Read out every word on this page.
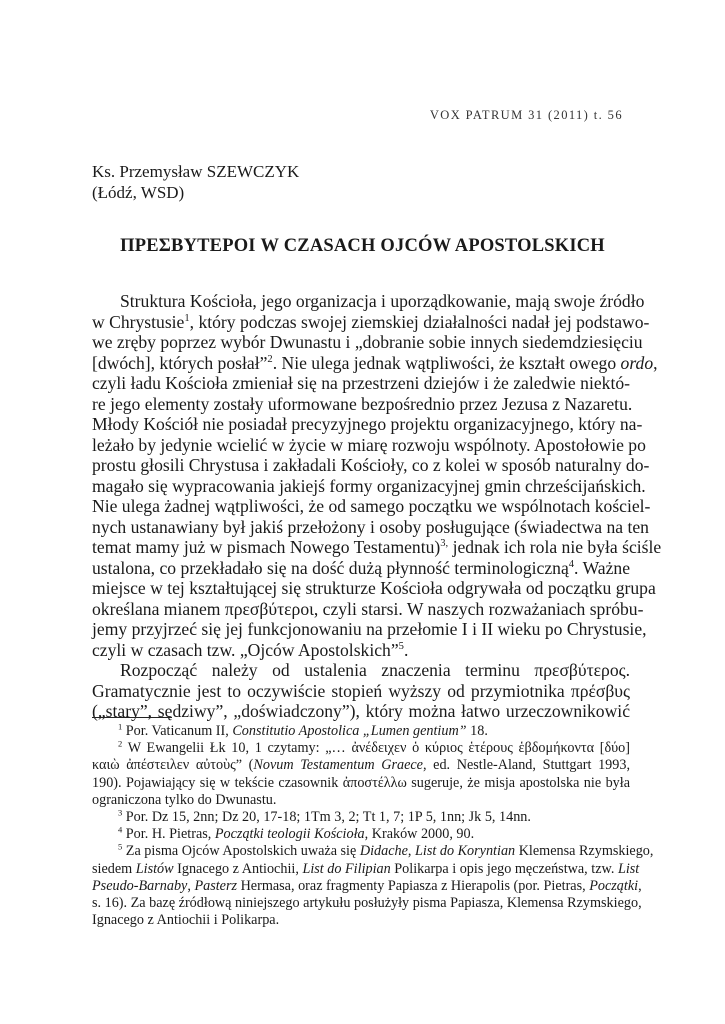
VOX PATRUM 31 (2011) t. 56
Ks. Przemysław SZEWCZYK
(Łódź, WSD)
ΠΡΕΣΒΥΤΕΡΟΙ W CZASACH OJCÓW APOSTOLSKICH
Struktura Kościoła, jego organizacja i uporządkowanie, mają swoje źródło
w Chrystusie$^1$, który podczas swojej ziemskiej działalności nadał jej podstawo-
we zręby poprzez wybór Dwunastu i „dobranie sobie innych siedemdziesięciu
[dwóch], których posłał”$^2$. Nie ulega jednak wątpliwości, że kształt owego ordo,
czyli ładu Kościoła zmieniał się na przestrzeni dziejów i że zaledwie niektó-
re jego elementy zostały uformowane bezpośrednio przez Jezusa z Nazaretu.
Młody Kościół nie posiadał precyzyjnego projektu organizacyjnego, który na-
leżało by jedynie wcielić w życie w miarę rozwoju wspólnoty. Apostołowie po
prostu głosili Chrystusa i zakładali Kościoły, co z kolei w sposób naturalny do-
magało się wypracowania jakiejś formy organizacyjnej gmin chrześcijańskich.
Nie ulega żadnej wątpliwości, że od samego początku we wspólnotach kościel-
nych ustanawiany był jakiś przełożony i osoby posługujące (świadectwa na ten
temat mamy już w pismach Nowego Testamentu)$^{3,}$ jednak ich rola nie była ściśle
ustalona, co przekładało się na dość dużą płynność terminologiczną$^4$. Ważne
miejsce w tej kształtującej się strukturze Kościoła odgrywała od początku grupa
określana mianem πρεσβύτεροι, czyli starsi. W naszych rozważaniach spróbu-
jemy przyjrzeć się jej funkcjonowaniu na przełomie I i II wieku po Chrystusie,
czyli w czasach tzw. „Ojców Apostolskich”$^5$.
Rozpocząć należy od ustalenia znaczenia terminu πρεσβύτερος.
Gramatycznie jest to oczywiście stopień wyższy od przymiotnika πρέσβυς
(„stary”, sędziwy”, „doświadczony”), który można łatwo urzeczownikowić
$^1$ Por. Vaticanum II, Constitutio Apostolica „Lumen gentium” 18.
$^2$ W Ewangelii Łk 10, 1 czytamy: „… ἀνέδειχεν ὁ κύριος ἑτέρους ἑβδομήκοντα [δύο]
καιὼ ἀπέστειλεν αὐτοὺς” (Novum Testamentum Graece, ed. Nestle-Aland, Stuttgart 1993,
190). Pojawiający się w tekście czasownik ἀποστέλλω sugeruje, że misja apostolska nie była
ograniczona tylko do Dwunastu.
$^3$ Por. Dz 15, 2nn; Dz 20, 17-18; 1Tm 3, 2; Tt 1, 7; 1P 5, 1nn; Jk 5, 14nn.
$^4$ Por. H. Pietras, Początki teologii Kościoła, Kraków 2000, 90.
$^5$ Za pisma Ojców Apostolskich uważa się Didache, List do Koryntian Klemensa Rzymskiego,
siedem Listów Ignacego z Antiochii, List do Filipian Polikarpa i opis jego męczeństwa, tzw. List
Pseudo-Barnaby, Pasterz Hermasa, oraz fragmenty Papiasza z Hierapolis (por. Pietras, Początki,
s. 16). Za bazę źródłową niniejszego artykułu posłużyły pisma Papiasza, Klemensa Rzymskiego,
Ignacego z Antiochii i Polikarpa.
